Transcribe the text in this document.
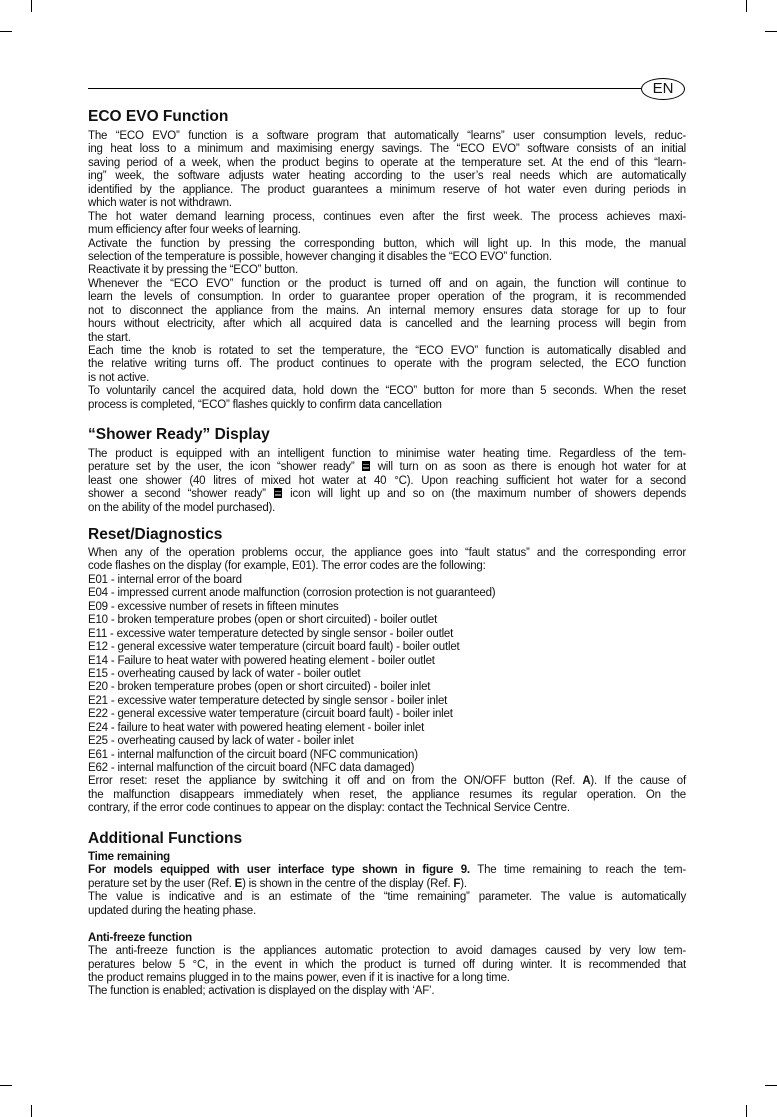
EN
ECO EVO Function
The “ECO EVO” function is a software program that automatically “learns” user consumption levels, reduc-
ing heat loss to a minimum and maximising energy savings. The “ECO EVO” software consists of an initial
saving period of a week, when the product begins to operate at the temperature set. At the end of this “learn-
ing” week, the software adjusts water heating according to the user’s real needs which are automatically
identified by the appliance. The product guarantees a minimum reserve of hot water even during periods in
which water is not withdrawn.
The hot water demand learning process, continues even after the first week. The process achieves maxi-
mum efficiency after four weeks of learning.
Activate the function by pressing the corresponding button, which will light up. In this mode, the manual
selection of the temperature is possible, however changing it disables the “ECO EVO” function.
Reactivate it by pressing the “ECO” button.
Whenever the “ECO EVO” function or the product is turned off and on again, the function will continue to
learn the levels of consumption. In order to guarantee proper operation of the program, it is recommended
not to disconnect the appliance from the mains. An internal memory ensures data storage for up to four
hours without electricity, after which all acquired data is cancelled and the learning process will begin from
the start.
Each time the knob is rotated to set the temperature, the “ECO EVO” function is automatically disabled and
the relative writing turns off. The product continues to operate with the program selected, the ECO function
is not active.
To voluntarily cancel the acquired data, hold down the “ECO” button for more than 5 seconds. When the reset
process is completed, “ECO” flashes quickly to confirm data cancellation
“Shower Ready” Display
The product is equipped with an intelligent function to minimise water heating time. Regardless of the tem-
perature set by the user, the icon “shower ready” will turn on as soon as there is enough hot water for at
least one shower (40 litres of mixed hot water at 40 °C). Upon reaching sufficient hot water for a second
shower a second “shower ready” icon will light up and so on (the maximum number of showers depends
on the ability of the model purchased).
Reset/Diagnostics
When any of the operation problems occur, the appliance goes into “fault status” and the corresponding error
code flashes on the display (for example, E01). The error codes are the following:
E01 - internal error of the board
E04 - impressed current anode malfunction (corrosion protection is not guaranteed)
E09 - excessive number of resets in fifteen minutes
E10 - broken temperature probes (open or short circuited) - boiler outlet
E11 - excessive water temperature detected by single sensor - boiler outlet
E12 - general excessive water temperature (circuit board fault) - boiler outlet
E14 - Failure to heat water with powered heating element - boiler outlet
E15 - overheating caused by lack of water - boiler outlet
E20 - broken temperature probes (open or short circuited) - boiler inlet
E21 - excessive water temperature detected by single sensor - boiler inlet
E22 - general excessive water temperature (circuit board fault) - boiler inlet
E24 - failure to heat water with powered heating element - boiler inlet
E25 - overheating caused by lack of water - boiler inlet
E61 - internal malfunction of the circuit board (NFC communication)
E62 - internal malfunction of the circuit board (NFC data damaged)
Error reset: reset the appliance by switching it off and on from the ON/OFF button (Ref. A). If the cause of
the malfunction disappears immediately when reset, the appliance resumes its regular operation. On the
contrary, if the error code continues to appear on the display: contact the Technical Service Centre.
Additional Functions
Time remaining
For models equipped with user interface type shown in figure 9. The time remaining to reach the tem-
perature set by the user (Ref. E) is shown in the centre of the display (Ref. F).
The value is indicative and is an estimate of the “time remaining” parameter. The value is automatically
updated during the heating phase.

Anti-freeze function
The anti-freeze function is the appliances automatic protection to avoid damages caused by very low tem-
peratures below 5 °C, in the event in which the product is turned off during winter. It is recommended that
the product remains plugged in to the mains power, even if it is inactive for a long time.
The function is enabled; activation is displayed on the display with ‘AF’.
